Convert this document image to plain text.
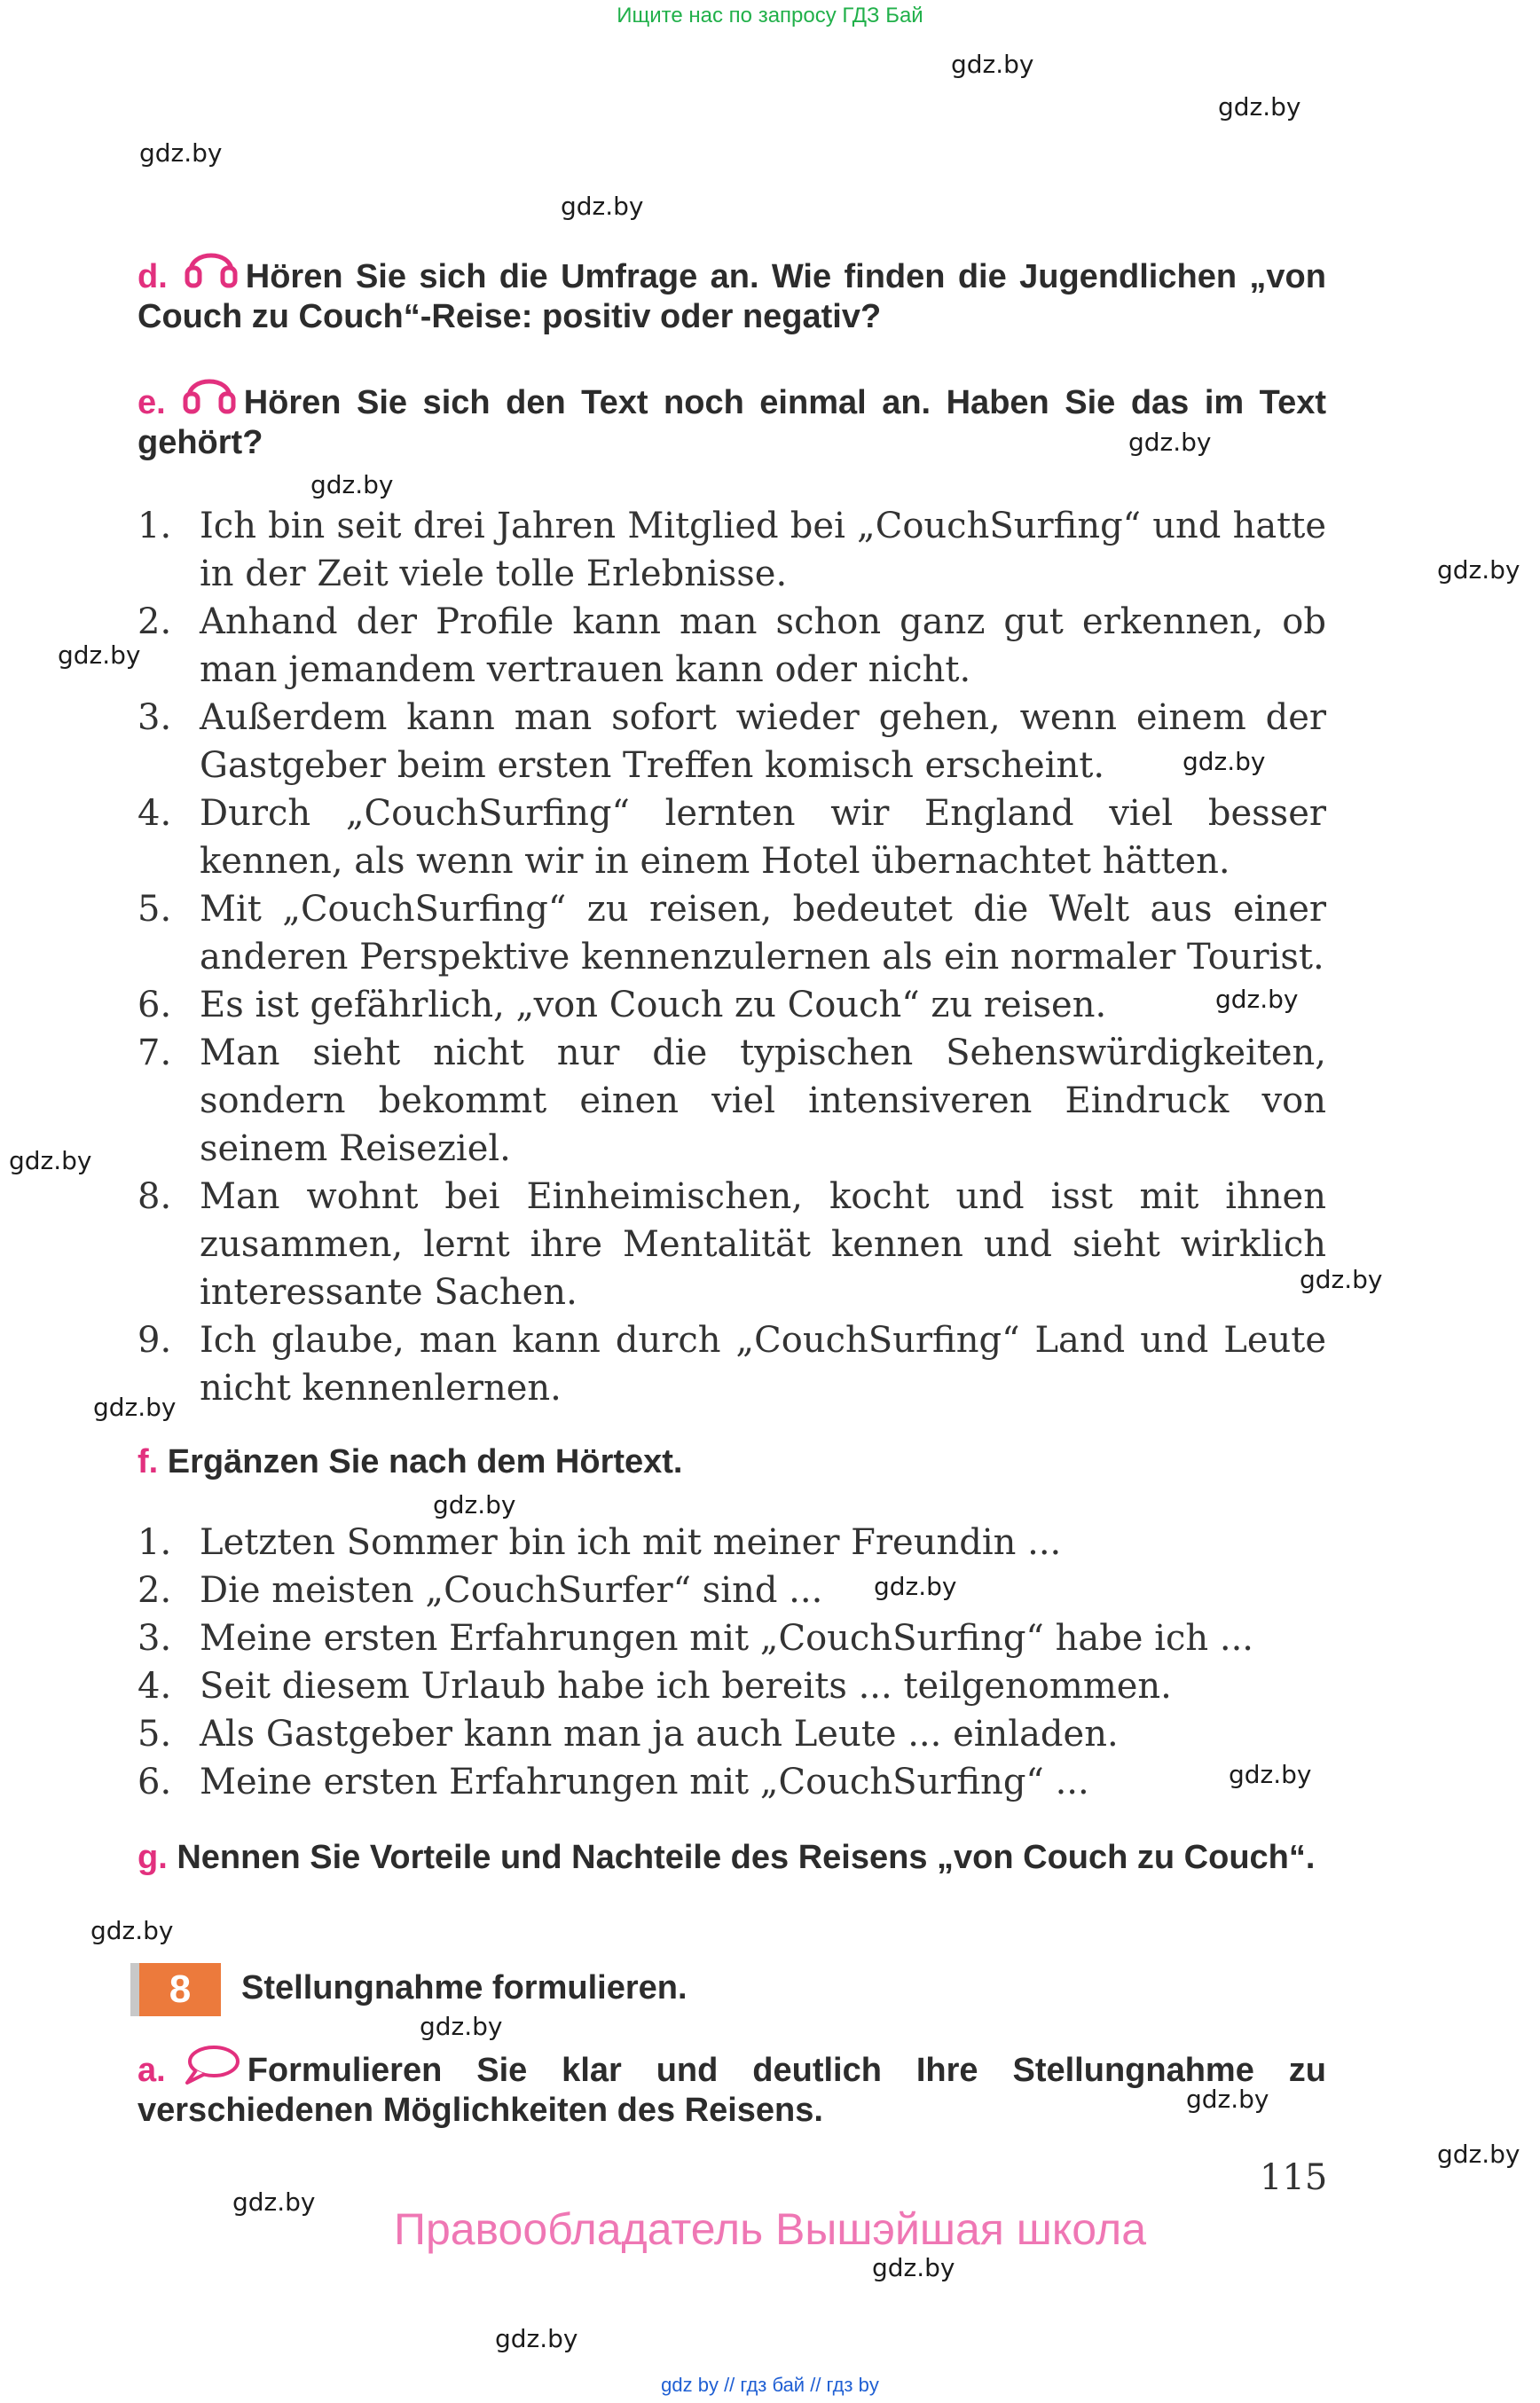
Ищите нас по запросу ГДЗ Бай
gdz.by
gdz.by
gdz.by
gdz.by
gdz.by
gdz.by
gdz.by
gdz.by
gdz.by
gdz.by
gdz.by
gdz.by
gdz.by
gdz.by
gdz.by
gdz.by
gdz.by
gdz.by
gdz.by
gdz.by
gdz.by
gdz.by
gdz.by
d. Hören Sie sich die Umfrage an. Wie finden die Jugendlichen „von Couch zu Couch“-Reise: positiv oder negativ?
e. Hören Sie sich den Text noch einmal an. Haben Sie das im Text gehört?
1. Ich bin seit drei Jahren Mitglied bei „CouchSurfing“ und hatte in der Zeit viele tolle Erlebnisse.
2. Anhand der Profile kann man schon ganz gut erkennen, ob man jemandem vertrauen kann oder nicht.
3. Außerdem kann man sofort wieder gehen, wenn einem der Gastgeber beim ersten Treffen komisch erscheint.
4. Durch „CouchSurfing“ lernten wir England viel besser kennen, als wenn wir in einem Hotel übernachtet hätten.
5. Mit „CouchSurfing“ zu reisen, bedeutet die Welt aus einer anderen Perspektive kennenzulernen als ein normaler Tourist.
6. Es ist gefährlich, „von Couch zu Couch“ zu reisen.
7. Man sieht nicht nur die typischen Sehenswürdigkeiten, sondern bekommt einen viel intensiveren Eindruck von seinem Reiseziel.
8. Man wohnt bei Einheimischen, kocht und isst mit ihnen zusammen, lernt ihre Mentalität kennen und sieht wirklich interessante Sachen.
9. Ich glaube, man kann durch „CouchSurfing“ Land und Leute nicht kennenlernen.
f. Ergänzen Sie nach dem Hörtext.
1. Letzten Sommer bin ich mit meiner Freundin ...
2. Die meisten „CouchSurfer“ sind ...
3. Meine ersten Erfahrungen mit „CouchSurfing“ habe ich ...
4. Seit diesem Urlaub habe ich bereits ... teilgenommen.
5. Als Gastgeber kann man ja auch Leute ... einladen.
6. Meine ersten Erfahrungen mit „CouchSurfing“ ...
g. Nennen Sie Vorteile und Nachteile des Reisens „von Couch zu Couch“.
8	Stellungnahme formulieren.
a. Formulieren Sie klar und deutlich Ihre Stellungnahme zu verschiedenen Möglichkeiten des Reisens.
115
Правообладатель Вышэйшая школа
gdz by // гдз бай // гдз by
